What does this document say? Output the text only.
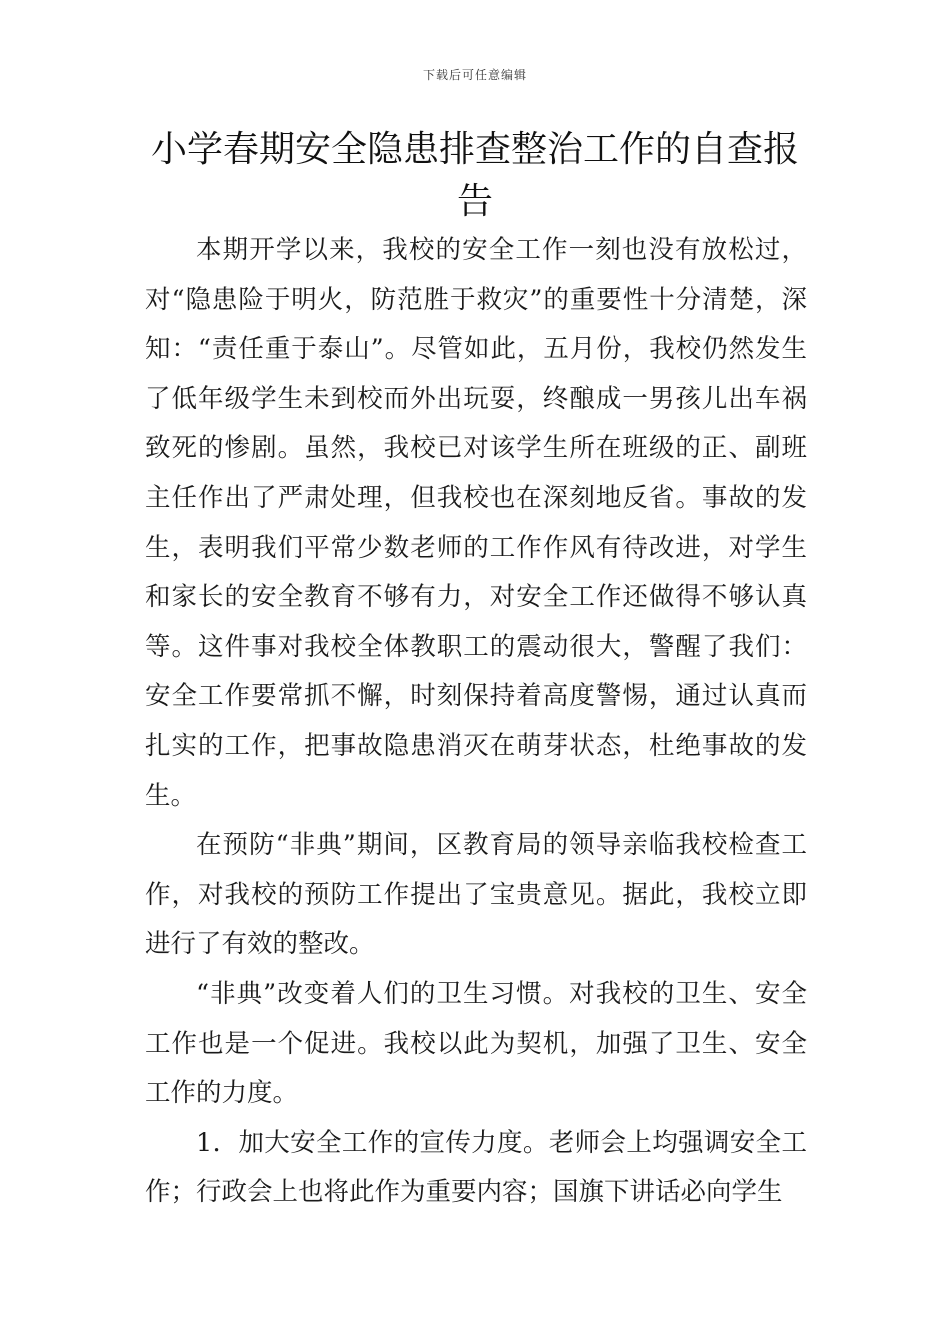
下载后可任意编辑
小学春期安全隐患排查整治工作的自查报告

本期开学以来，我校的安全工作一刻也没有放松过，对“隐患险于明火，防范胜于救灾”的重要性十分清楚，深知：“责任重于泰山”。尽管如此，五月份，我校仍然发生了低年级学生未到校而外出玩耍，终酿成一男孩儿出车祸致死的惨剧。虽然，我校已对该学生所在班级的正、副班主任作出了严肃处理，但我校也在深刻地反省。事故的发生，表明我们平常少数老师的工作作风有待改进，对学生和家长的安全教育不够有力，对安全工作还做得不够认真等。这件事对我校全体教职工的震动很大，警醒了我们：安全工作要常抓不懈，时刻保持着高度警惕，通过认真而扎实的工作，把事故隐患消灭在萌芽状态，杜绝事故的发生。

在预防“非典”期间，区教育局的领导亲临我校检查工作，对我校的预防工作提出了宝贵意见。据此，我校立即进行了有效的整改。

“非典”改变着人们的卫生习惯。对我校的卫生、安全工作也是一个促进。我校以此为契机，加强了卫生、安全工作的力度。

1．加大安全工作的宣传力度。老师会上均强调安全工作；行政会上也将此作为重要内容；国旗下讲话必向学生
